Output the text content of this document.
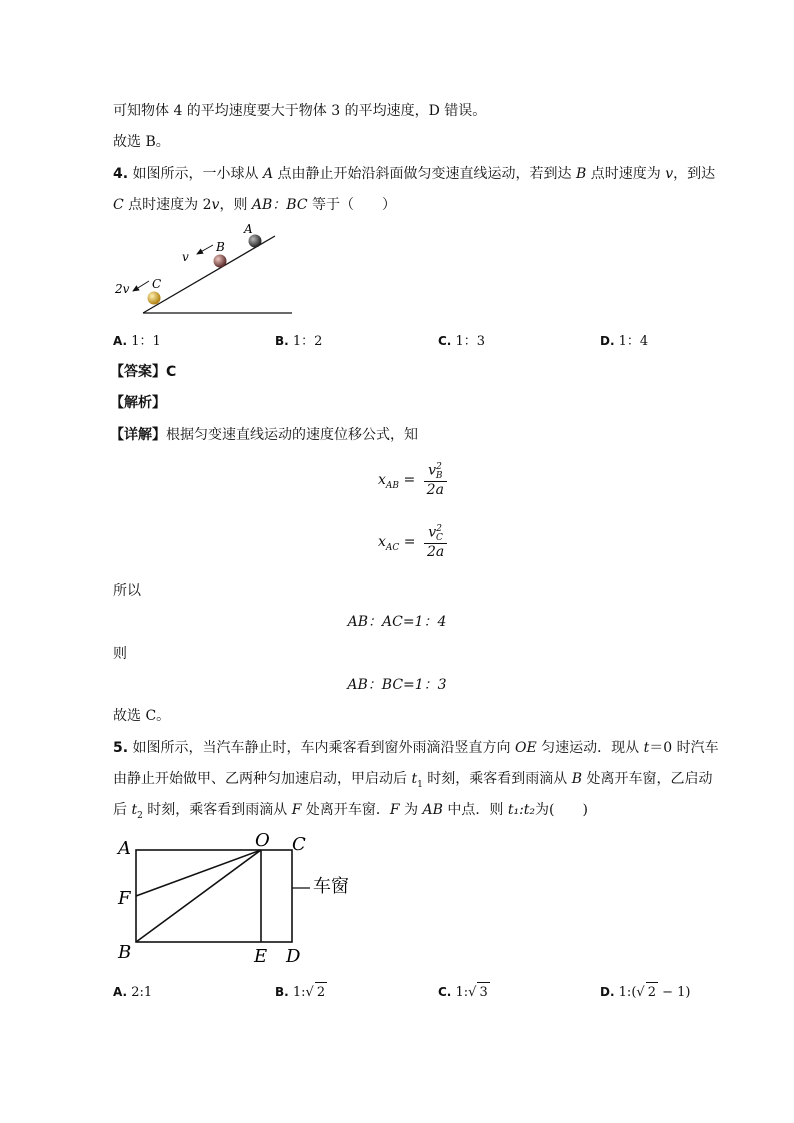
可知物体 4 的平均速度要大于物体 3 的平均速度，D 错误。
故选 B。
4. 如图所示，一小球从 A 点由静止开始沿斜面做匀变速直线运动，若到达 B 点时速度为 v，到达
C 点时速度为 2v，则 AB：BC 等于（　　）
A
B
C
v
2v
A. 1：1	B. 1：2	C. 1：3	D. 1：4
【答案】C
【解析】
【详解】根据匀变速直线运动的速度位移公式，知
$x_{AB} = \frac{v^2_B}{2a}$
$x_{AC} = \frac{v^2_C}{2a}$
所以
AB：AC=1：4
则
AB：BC=1：3
故选 C。
5. 如图所示，当汽车静止时，车内乘客看到窗外雨滴沿竖直方向 OE 匀速运动．现从 t＝0 时汽车
由静止开始做甲、乙两种匀加速启动，甲启动后 $t_1$ 时刻，乘客看到雨滴从 B 处离开车窗，乙启动
后 $t_2$ 时刻，乘客看到雨滴从 F 处离开车窗．F 为 AB 中点．则 t₁:t₂为(　　)
A	O C
F
B	E D
车窗
A. 2:1	B. 1:√ 2	C. 1:√ 3	D. 1:(√ 2 − 1)
